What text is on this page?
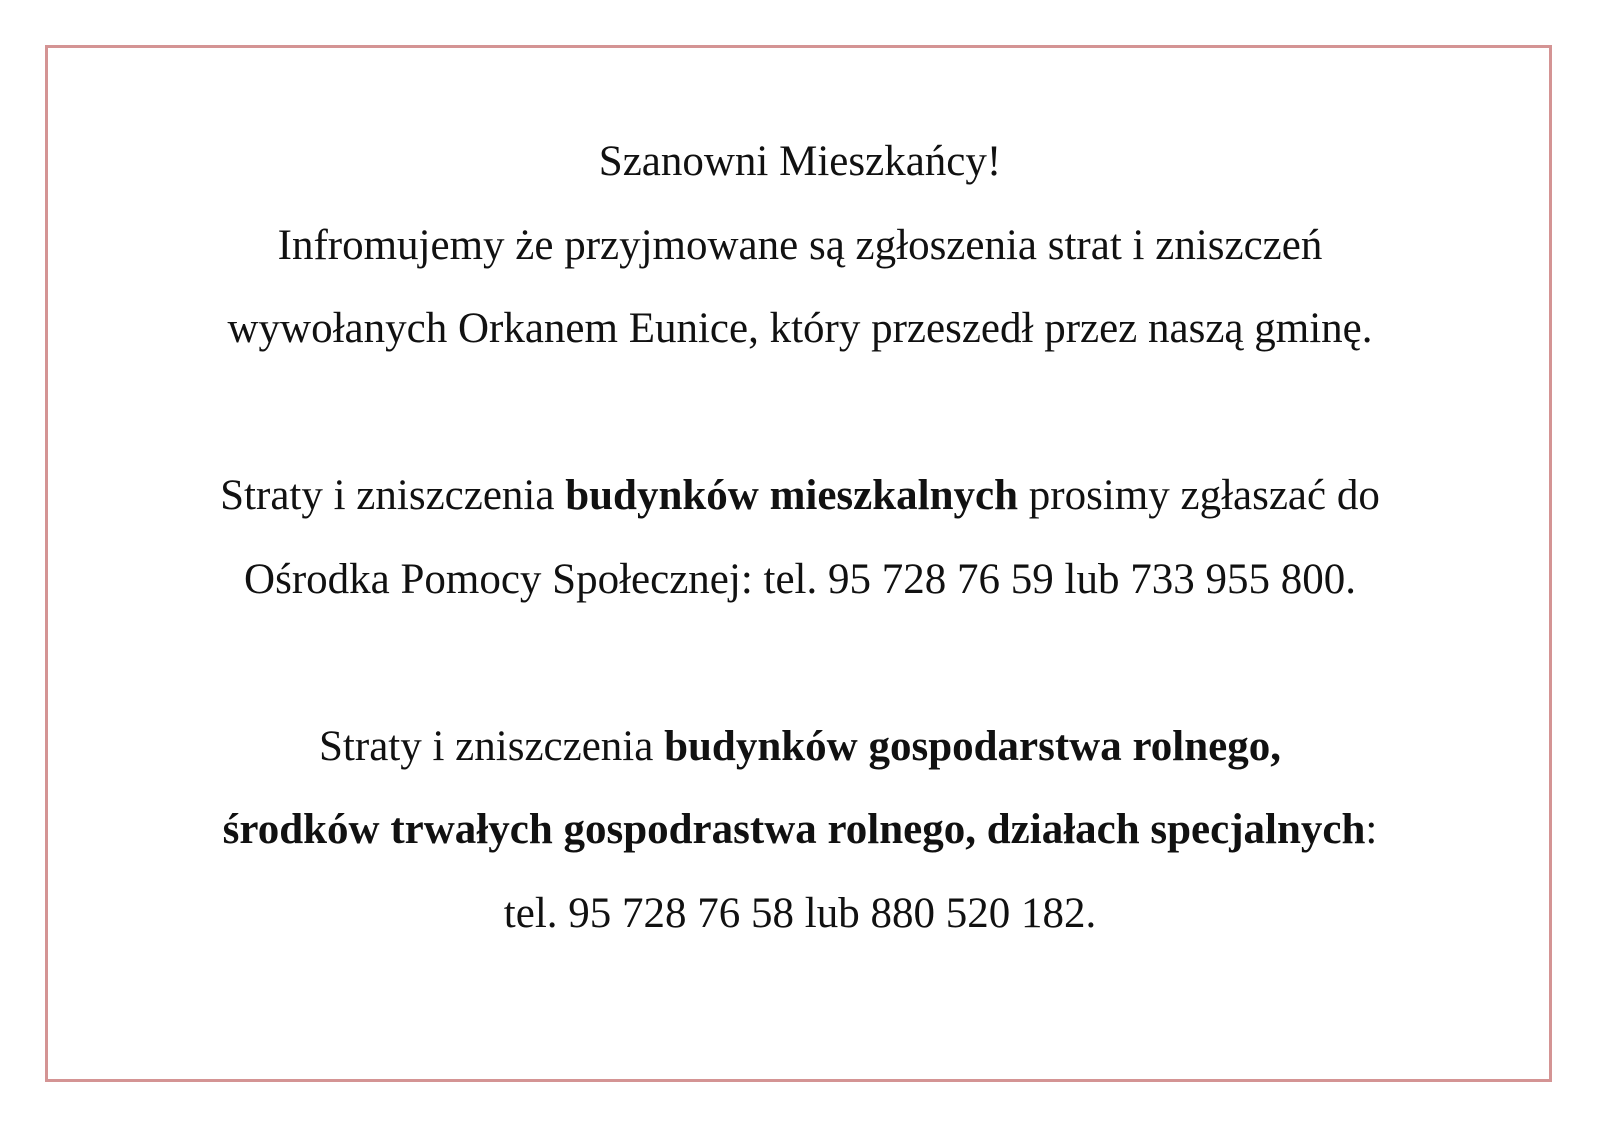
Szanowni Mieszkańcy!
Infromujemy że przyjmowane są zgłoszenia strat i zniszczeń
wywołanych Orkanem Eunice, który przeszedł przez naszą gminę.
Straty i zniszczenia budynków mieszkalnych prosimy zgłaszać do
Ośrodka Pomocy Społecznej: tel. 95 728 76 59 lub 733 955 800.
Straty i zniszczenia budynków gospodarstwa rolnego,
środków trwałych gospodrastwa rolnego, działach specjalnych:
tel. 95 728 76 58 lub 880 520 182.
